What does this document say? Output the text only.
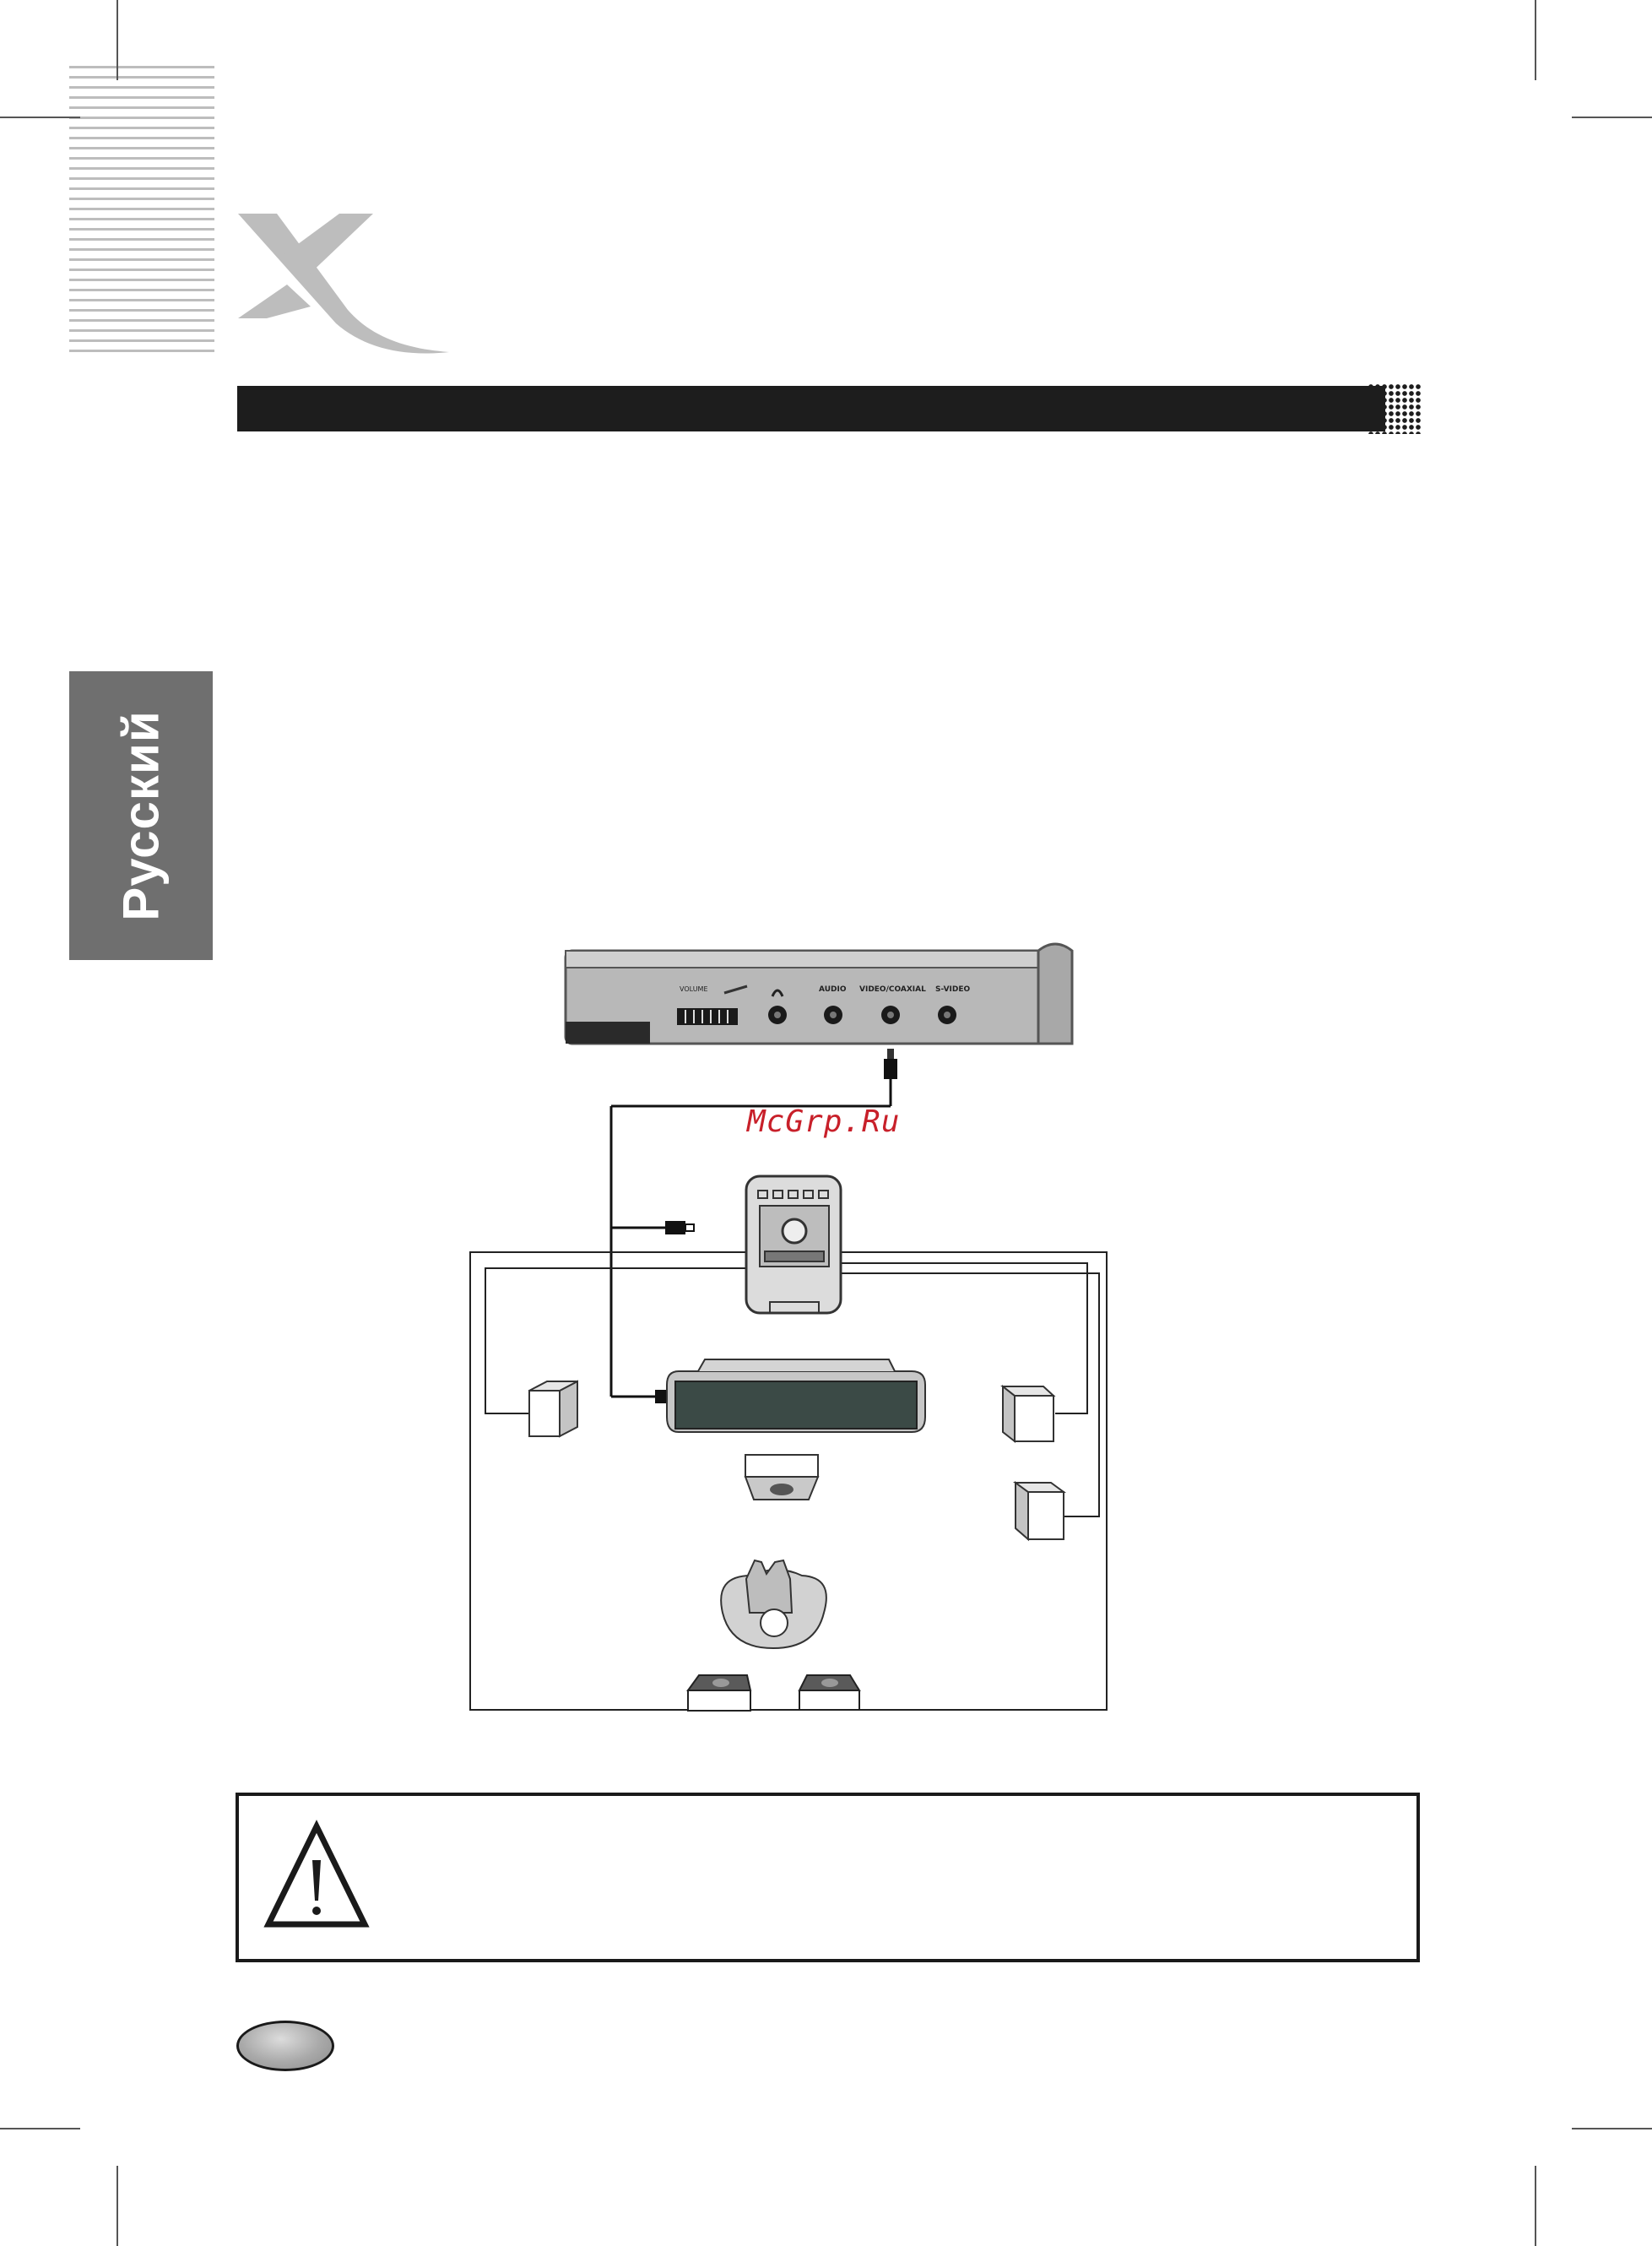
X
Русский
VOLUME	AUDIO VIDEO/COAXIAL S-VIDEO
McGrp.Ru
